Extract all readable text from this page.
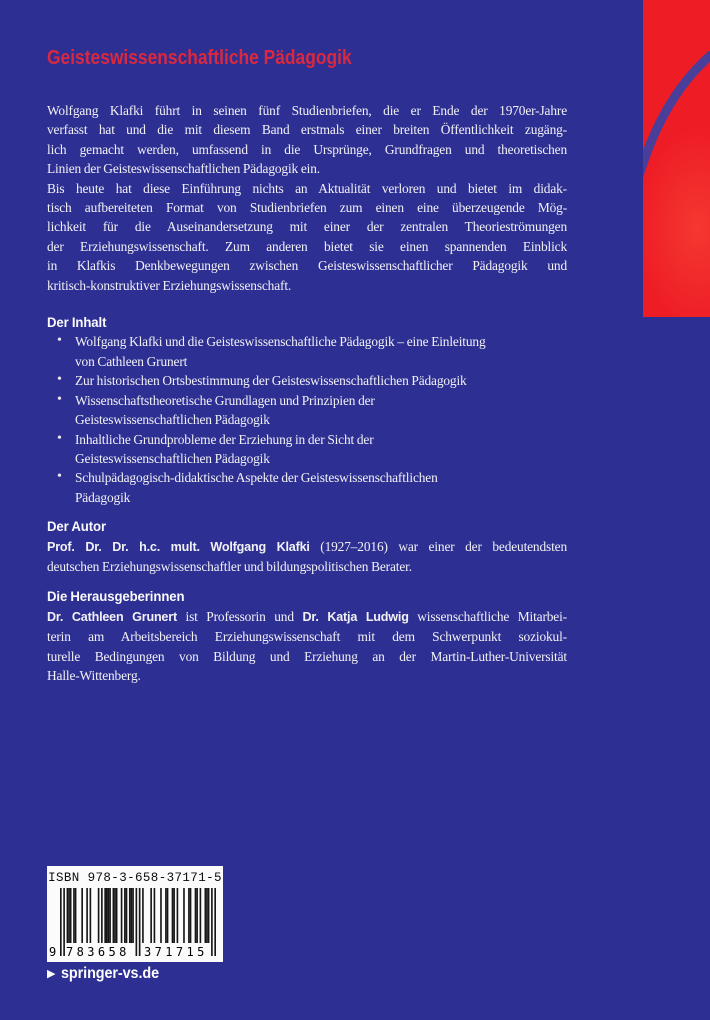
Geisteswissenschaftliche Pädagogik
Wolfgang Klafki führt in seinen fünf Studienbriefen, die er Ende der 1970er-Jahre
verfasst hat und die mit diesem Band erstmals einer breiten Öffentlichkeit zugäng-
lich gemacht werden, umfassend in die Ursprünge, Grundfragen und theoretischen
Linien der Geisteswissenschaftlichen Pädagogik ein.
Bis heute hat diese Einführung nichts an Aktualität verloren und bietet im didak-
tisch aufbereiteten Format von Studienbriefen zum einen eine überzeugende Mög-
lichkeit für die Auseinandersetzung mit einer der zentralen Theorieströmungen
der Erziehungswissenschaft. Zum anderen bietet sie einen spannenden Einblick
in Klafkis Denkbewegungen zwischen Geisteswissenschaftlicher Pädagogik und
kritisch-konstruktiver Erziehungswissenschaft.
Der Inhalt
• Wolfgang Klafki und die Geisteswissenschaftliche Pädagogik – eine Einleitung
von Cathleen Grunert
• Zur historischen Ortsbestimmung der Geisteswissenschaftlichen Pädagogik
• Wissenschaftstheoretische Grundlagen und Prinzipien der
Geisteswissenschaftlichen Pädagogik
• Inhaltliche Grundprobleme der Erziehung in der Sicht der
Geisteswissenschaftlichen Pädagogik
• Schulpädagogisch-didaktische Aspekte der Geisteswissenschaftlichen
Pädagogik
Der Autor
Prof. Dr. Dr. h.c. mult. Wolfgang Klafki (1927–2016) war einer der bedeutendsten
deutschen Erziehungswissenschaftler und bildungspolitischen Berater.
Die Herausgeberinnen
Dr. Cathleen Grunert ist Professorin und Dr. Katja Ludwig wissenschaftliche Mitarbei-
terin am Arbeitsbereich Erziehungswissenschaft mit dem Schwerpunkt soziokul-
turelle Bedingungen von Bildung und Erziehung an der Martin-Luther-Universität
Halle-Wittenberg.
ISBN 978-3-658-37171-5
9 783658 371715
▶ springer-vs.de
